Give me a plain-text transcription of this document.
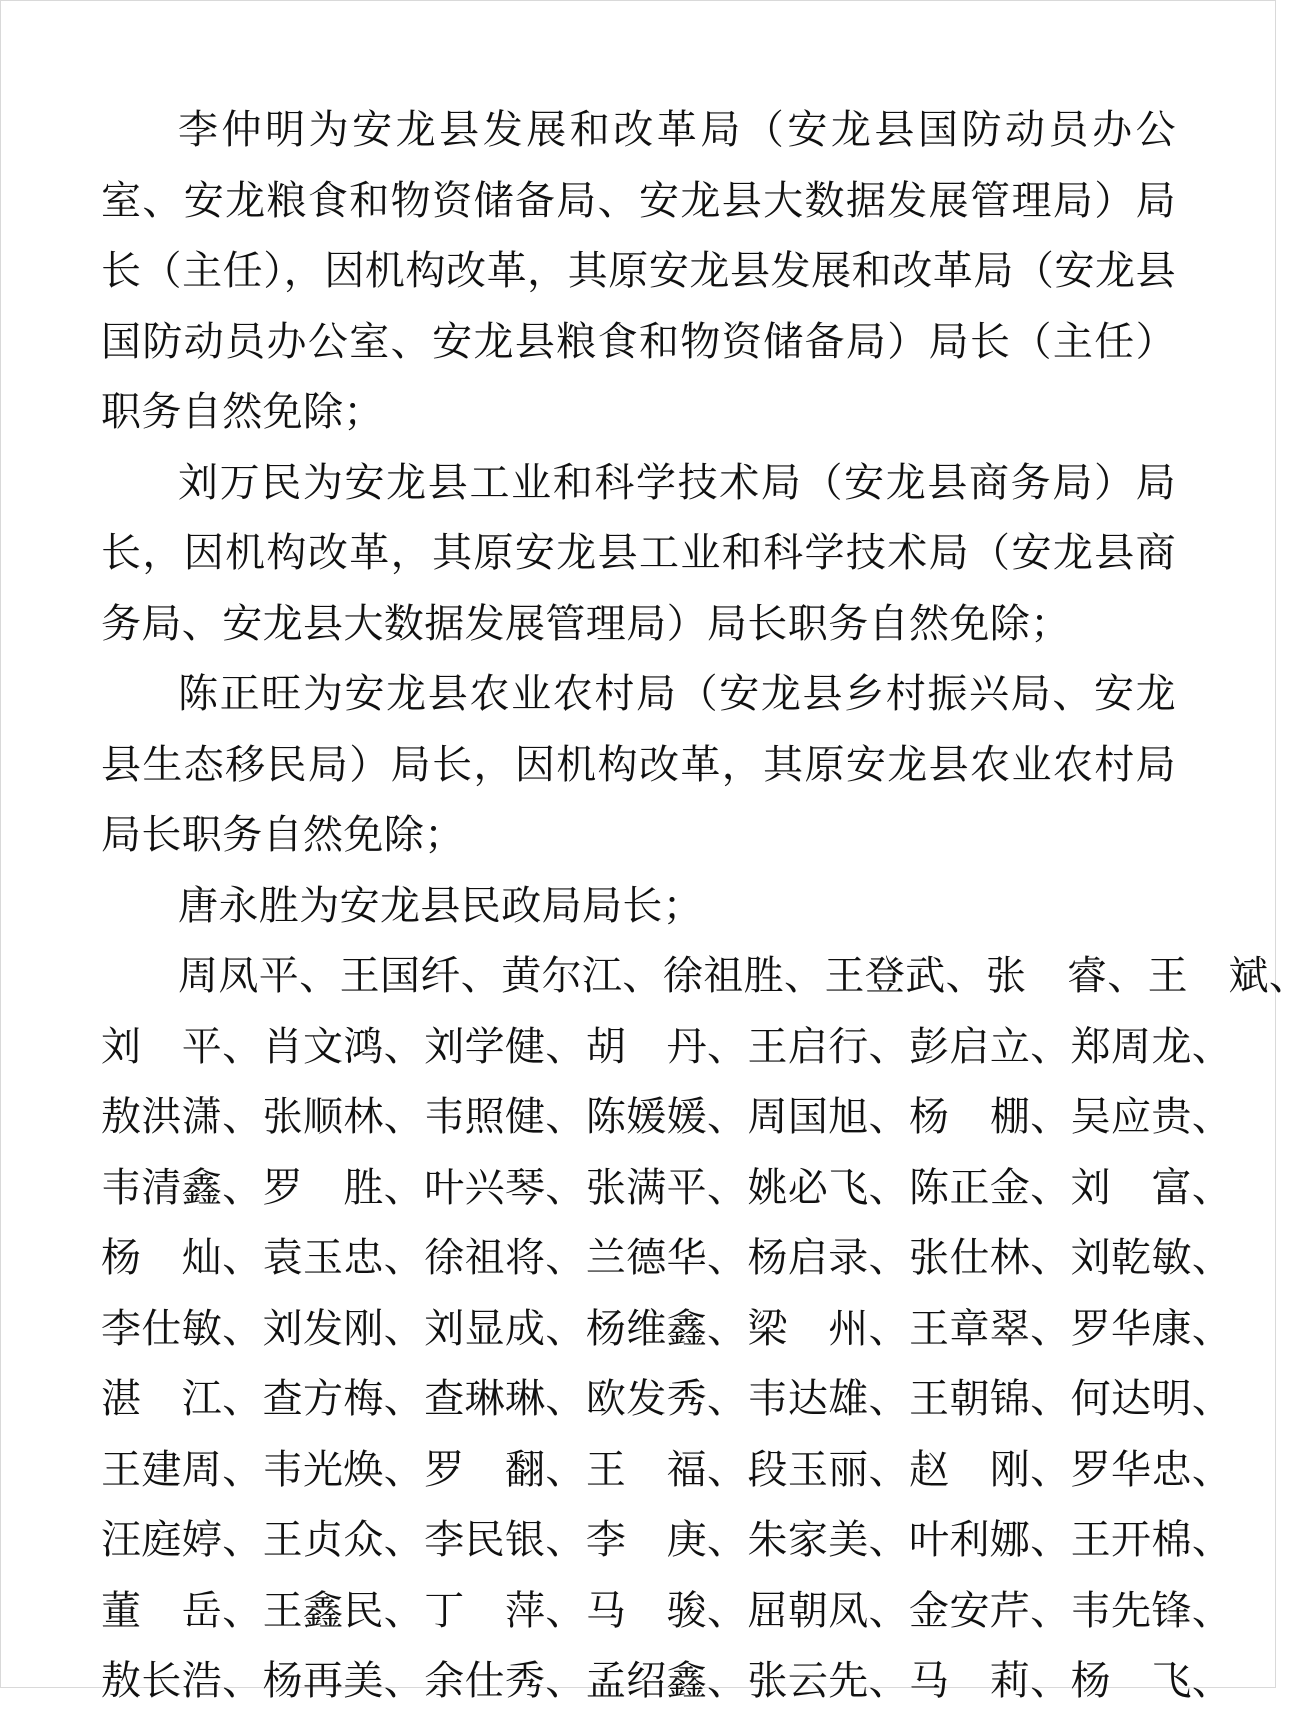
李仲明为安龙县发展和改革局（安龙县国防动员办公室、安龙粮食和物资储备局、安龙县大数据发展管理局）局长（主任），因机构改革，其原安龙县发展和改革局（安龙县国防动员办公室、安龙县粮食和物资储备局）局长（主任）职务自然免除；

刘万民为安龙县工业和科学技术局（安龙县商务局）局长，因机构改革，其原安龙县工业和科学技术局（安龙县商务局、安龙县大数据发展管理局）局长职务自然免除；

陈正旺为安龙县农业农村局（安龙县乡村振兴局、安龙县生态移民局）局长，因机构改革，其原安龙县农业农村局局长职务自然免除；

唐永胜为安龙县民政局局长；

周凤平、 王国纤、 黄尔江、 徐祖胜、 王登武、 张　睿、 王　斌、
刘　平、 肖文鸿、 刘学健、 胡　丹、 王启行、 彭启立、 郑周龙、
敖洪潇、 张顺林、 韦照健、 陈媛媛、 周国旭、 杨　棚、 吴应贵、
韦清鑫、 罗　胜、 叶兴琴、 张满平、 姚必飞、 陈正金、 刘　富、
杨　灿、 袁玉忠、 徐祖将、 兰德华、 杨启录、 张仕林、 刘乾敏、
李仕敏、 刘发刚、 刘显成、 杨维鑫、 梁　州、 王章翠、 罗华康、
湛　江、 查方梅、 查琳琳、 欧发秀、 韦达雄、 王朝锦、 何达明、
王建周、 韦光焕、 罗　翻、 王　福、 段玉丽、 赵　刚、 罗华忠、
汪庭婷、 王贞众、 李民银、 李　庚、 朱家美、 叶利娜、 王开棉、
董　岳、 王鑫民、 丁　萍、 马　骏、 屈朝凤、 金安芹、 韦先锋、
敖长浩、 杨再美、 余仕秀、 孟绍鑫、 张云先、 马　莉、 杨　飞、
